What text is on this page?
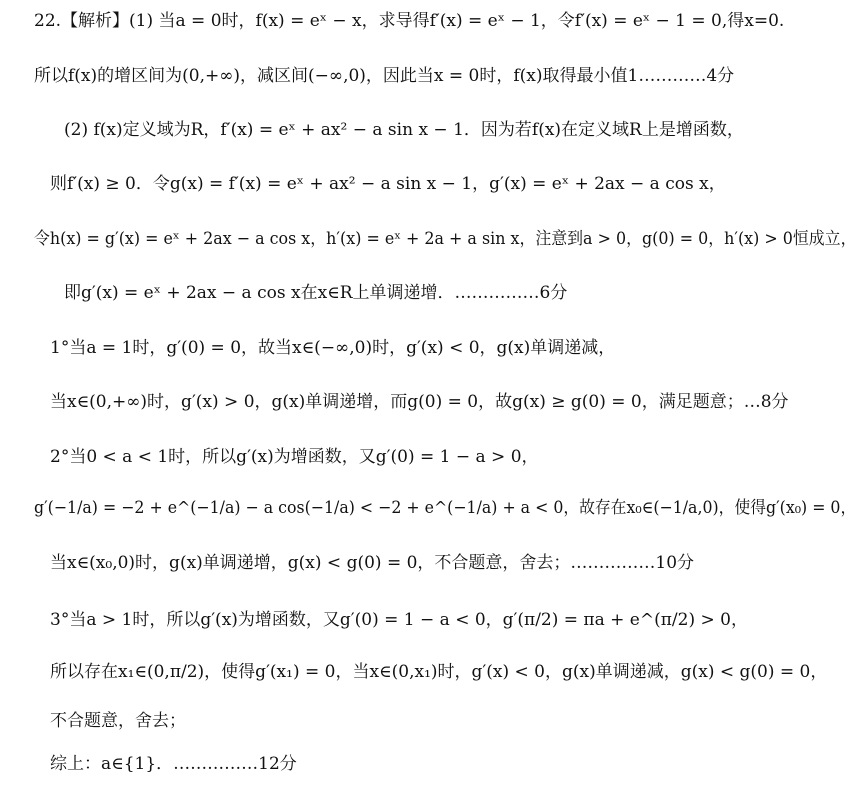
22.【解析】(1) 当a = 0时，f(x) = eˣ − x，求导得f′(x) = eˣ − 1，令f′(x) = eˣ − 1 = 0,得x=0.
所以f(x)的增区间为(0,+∞)，减区间(−∞,0)，因此当x = 0时，f(x)取得最小值1…………4分
(2) f(x)定义域为R，f′(x) = eˣ + ax² − a sin x − 1．因为若f(x)在定义域R上是增函数，
则f′(x) ≥ 0．令g(x) = f′(x) = eˣ + ax² − a sin x − 1，g′(x) = eˣ + 2ax − a cos x，
令h(x) = g′(x) = eˣ + 2ax − a cos x，h′(x) = eˣ + 2a + a sin x，注意到a > 0，g(0) = 0，h′(x) > 0恒成立，
即g′(x) = eˣ + 2ax − a cos x在x∈R上单调递增．……………6分
1°当a = 1时，g′(0) = 0，故当x∈(−∞,0)时，g′(x) < 0，g(x)单调递减，
当x∈(0,+∞)时，g′(x) > 0，g(x)单调递增，而g(0) = 0，故g(x) ≥ g(0) = 0，满足题意；…8分
2°当0 < a < 1时，所以g′(x)为增函数，又g′(0) = 1 − a > 0，
g′(−1/a) = −2 + e^(−1/a) − a cos(−1/a) < −2 + e^(−1/a) + a < 0，故存在x₀∈(−1/a,0)，使得g′(x₀) = 0，
当x∈(x₀,0)时，g(x)单调递增，g(x) < g(0) = 0，不合题意，舍去；……………10分
3°当a > 1时，所以g′(x)为增函数，又g′(0) = 1 − a < 0，g′(π/2) = πa + e^(π/2) > 0，
所以存在x₁∈(0,π/2)，使得g′(x₁) = 0，当x∈(0,x₁)时，g′(x) < 0，g(x)单调递减，g(x) < g(0) = 0，
不合题意，舍去；
综上：a∈{1}．……………12分
